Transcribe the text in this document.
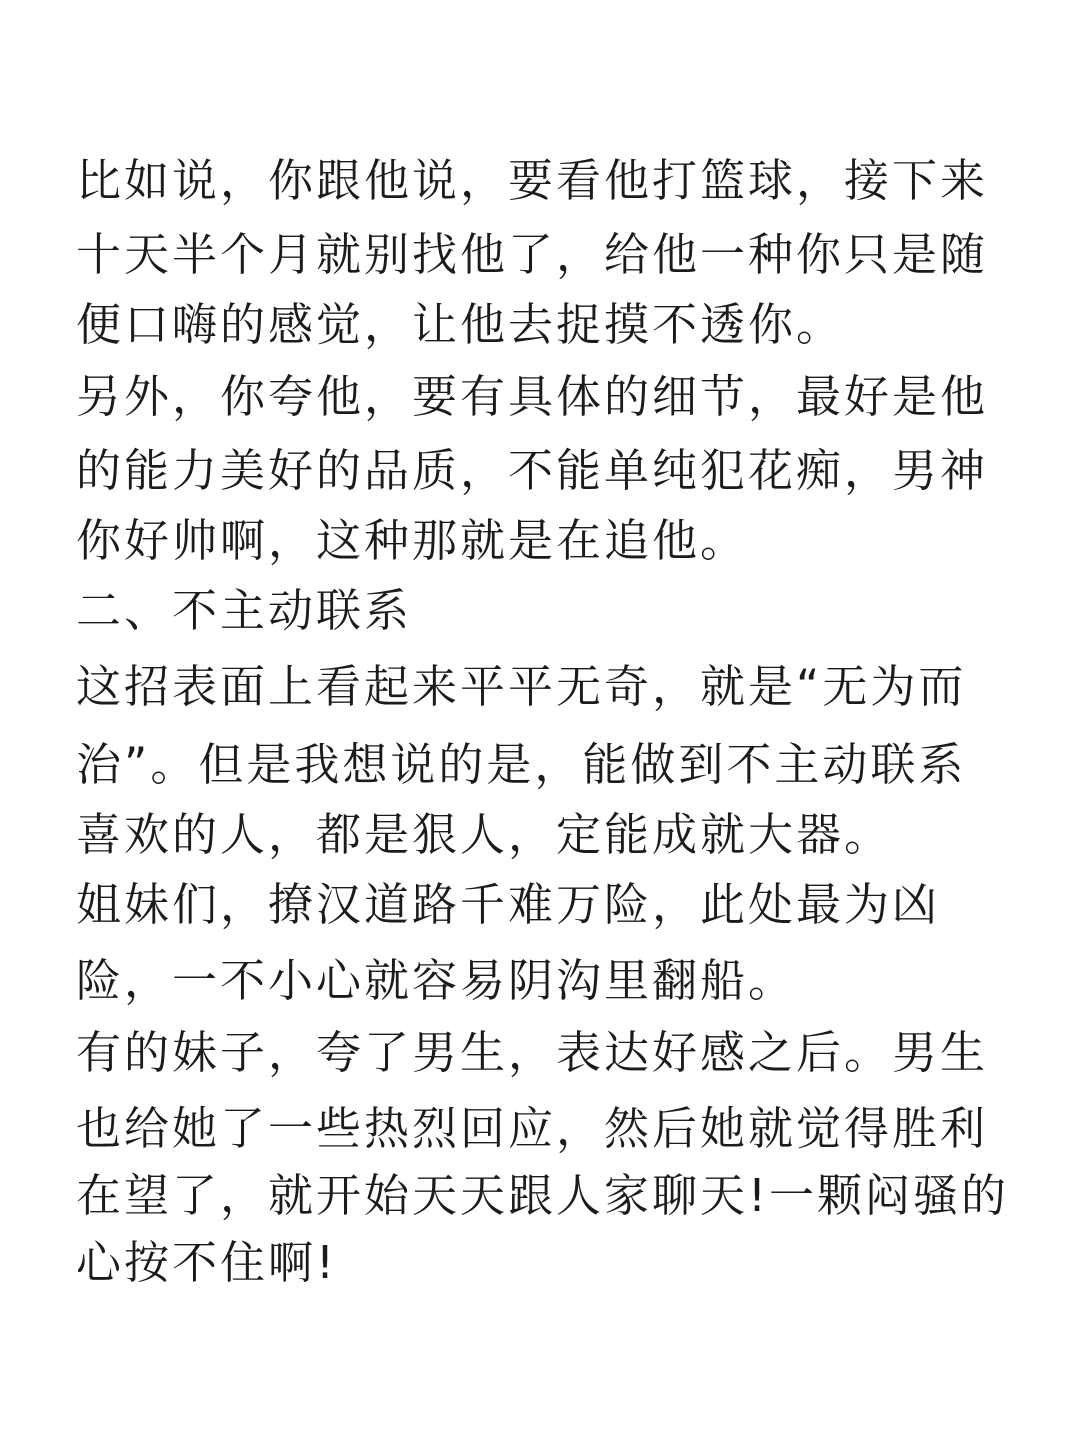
比如说，你跟他说，要看他打篮球，接下来
十天半个月就别找他了，给他一种你只是随
便口嗨的感觉，让他去捉摸不透你。
另外，你夸他，要有具体的细节，最好是他
的能力美好的品质，不能单纯犯花痴，男神
你好帅啊，这种那就是在追他。
二、不主动联系
这招表面上看起来平平无奇，就是“无为而
治”。但是我想说的是，能做到不主动联系
喜欢的人，都是狠人，定能成就大器。
姐妹们，撩汉道路千难万险，此处最为凶
险，一不小心就容易阴沟里翻船。
有的妹子，夸了男生，表达好感之后。男生
也给她了一些热烈回应，然后她就觉得胜利
在望了，就开始天天跟人家聊天!一颗闷骚的
心按不住啊!
